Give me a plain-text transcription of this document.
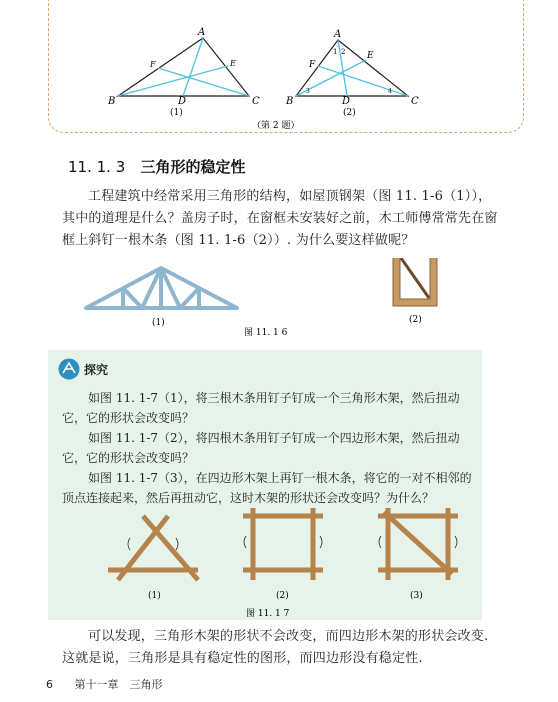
A
B	D	C
F	E
(1)
A
B	D	C
F
E
1 2
3	4
(2)
（第 2 题）
11. 1. 3 三角形的稳定性
工程建筑中经常采用三角形的结构，如屋顶钢架（图 11. 1-6（1）），其中的道理是什么？盖房子时，在窗框未安装好之前，木工师傅常常先在窗框上斜钉一根木条（图 11. 1-6（2））. 为什么要这样做呢？
(1)	(2)
图 11. 1 6
探究
如图 11. 1-7（1），将三根木条用钉子钉成一个三角形木架，然后扭动它，它的形状会改变吗？
如图 11. 1-7（2），将四根木条用钉子钉成一个四边形木架，然后扭动它，它的形状会改变吗？
如图 11. 1-7（3），在四边形木架上再钉一根木条，将它的一对不相邻的顶点连接起来，然后再扭动它，这时木架的形状还会改变吗？为什么？
(1)	(2)	(3)
图 11. 1 7
可以发现，三角形木架的形状不会改变，而四边形木架的形状会改变. 这就是说，三角形是具有稳定性的图形，而四边形没有稳定性.
6 第十一章　三角形
